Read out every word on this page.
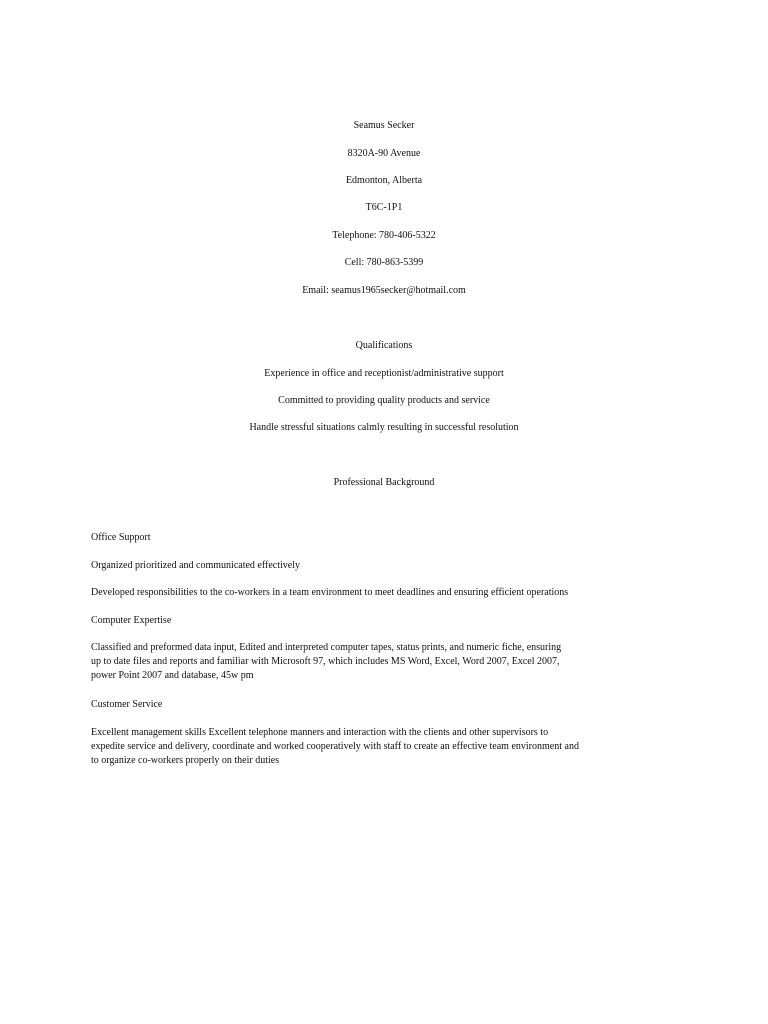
Seamus Secker

8320A-90 Avenue

Edmonton, Alberta

T6C-1P1

Telephone: 780-406-5322

Cell: 780-863-5399

Email: seamus1965secker@hotmail.com

Qualifications

Experience in office and receptionist/administrative support

Committed to providing quality products and service

Handle stressful situations calmly resulting in successful resolution

Professional Background

Office Support

Organized prioritized and communicated effectively

Developed responsibilities to the co-workers in a team environment to meet deadlines and ensuring efficient operations

Computer Expertise

Classified and preformed data input, Edited and interpreted computer tapes, status prints, and numeric fiche, ensuring
up to date files and reports and familiar with Microsoft 97, which includes MS Word, Excel, Word 2007, Excel 2007,
power Point 2007 and database, 45w pm

Customer Service

Excellent management skills Excellent telephone manners and interaction with the clients and other supervisors to
expedite service and delivery, coordinate and worked cooperatively with staff to create an effective team environment and
to organize co-workers properly on their duties
